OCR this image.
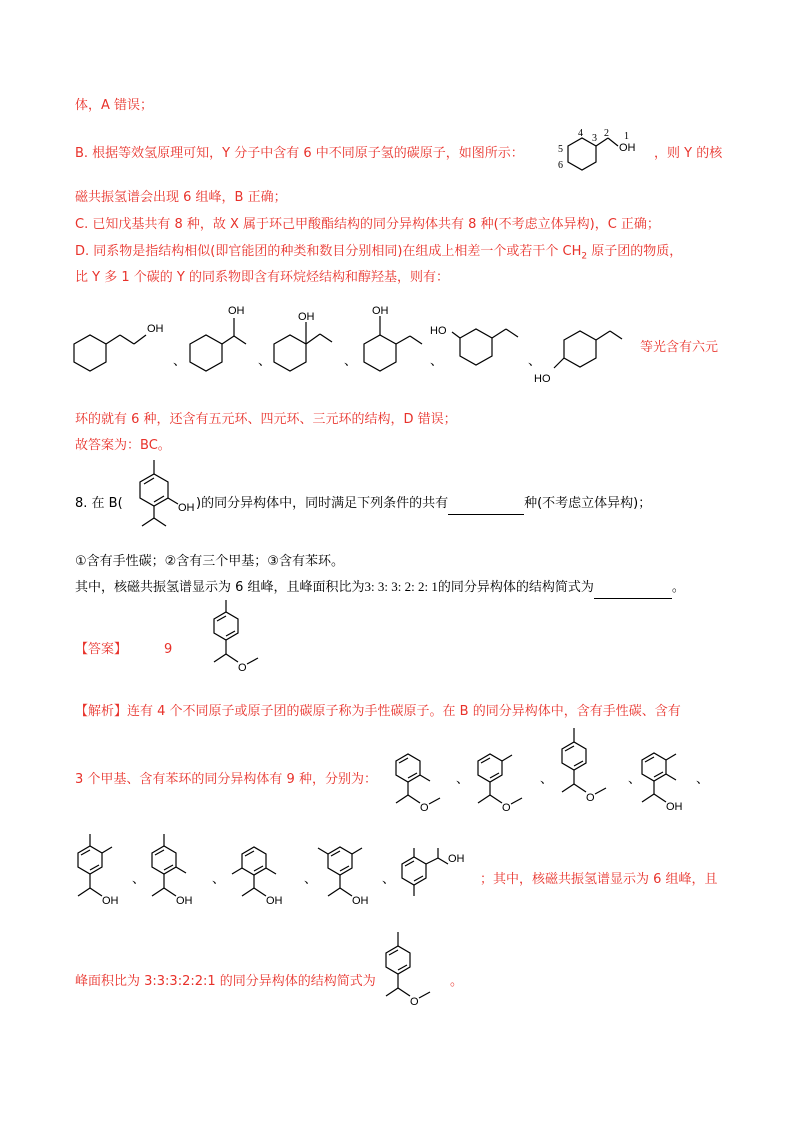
体，A 错误；
B. 根据等效氢原理可知，Y 分子中含有 6 中不同原子氢的碳原子，如图所示：
4 3 2 1
5
6
OH ，则 Y 的核
磁共振氢谱会出现 6 组峰，B 正确；
C. 已知戊基共有 8 种，故 X 属于环己甲酸酯结构的同分异构体共有 8 种(不考虑立体异构)，C 正确；
D. 同系物是指结构相似(即官能团的种类和数目分别相同)在组成上相差一个或若干个 $CH_2$ 原子团的物质，
比 Y 多 1 个碳的 Y 的同系物即含有环烷烃结构和醇羟基，则有：
OH
、
OH
、
OH
、
OH
、
HO
、
HO
等光含有六元
环的就有 6 种，还含有五元环、四元环、三元环的结构，D 错误；
故答案为：BC。
8. 在 B(	OH )的同分异构体中，同时满足下列条件的共有	种(不考虑立体异构)；
①含有手性碳；②含有三个甲基；③含有苯环。
其中，核磁共振氢谱显示为 6 组峰，且峰面积比为3: 3: 3: 2: 2: 1的同分异构体的结构简式为	。
【答案】	9
O
【解析】连有 4 个不同原子或原子团的碳原子称为手性碳原子。在 B 的同分异构体中，含有手性碳、含有
3 个甲基、含有苯环的同分异构体有 9 种，分别为：
O
、
O
、
O
、
OH
、
OH
、
OH
、
OH
、
OH
、
OH
；其中，核磁共振氢谱显示为 6 组峰，且
峰面积比为 3:3:3:2:2:1 的同分异构体的结构简式为
O
。
